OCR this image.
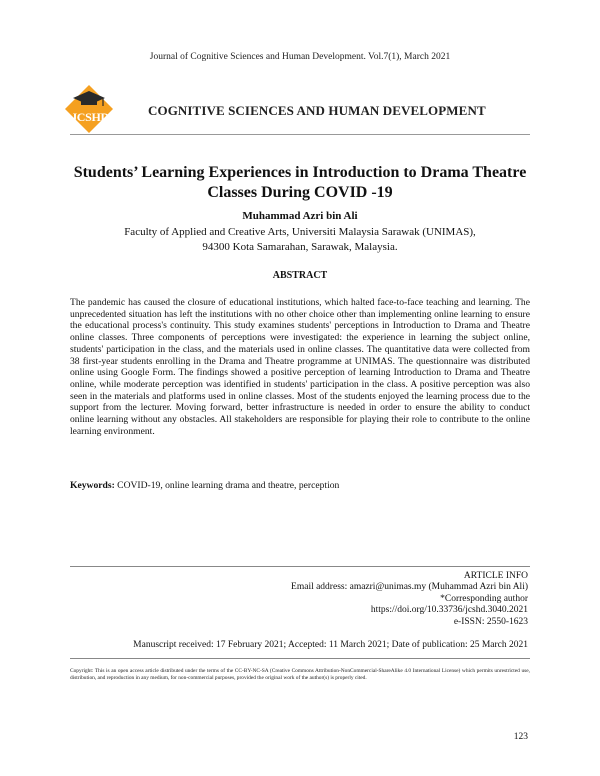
Journal of Cognitive Sciences and Human Development. Vol.7(1), March 2021
JCSHD	COGNITIVE SCIENCES AND HUMAN DEVELOPMENT
Students’ Learning Experiences in Introduction to Drama Theatre Classes During COVID -19
Muhammad Azri bin Ali
Faculty of Applied and Creative Arts, Universiti Malaysia Sarawak (UNIMAS),
94300 Kota Samarahan, Sarawak, Malaysia.
ABSTRACT
The pandemic has caused the closure of educational institutions, which halted face-to-face teaching and learning. The unprecedented situation has left the institutions with no other choice other than implementing online learning to ensure the educational process's continuity. This study examines students' perceptions in Introduction to Drama and Theatre online classes. Three components of perceptions were investigated: the experience in learning the subject online, students' participation in the class, and the materials used in online classes. The quantitative data were collected from 38 first-year students enrolling in the Drama and Theatre programme at UNIMAS. The questionnaire was distributed online using Google Form. The findings showed a positive perception of learning Introduction to Drama and Theatre online, while moderate perception was identified in students' participation in the class. A positive perception was also seen in the materials and platforms used in online classes. Most of the students enjoyed the learning process due to the support from the lecturer. Moving forward, better infrastructure is needed in order to ensure the ability to conduct online learning without any obstacles. All stakeholders are responsible for playing their role to contribute to the online learning environment.
Keywords: COVID-19, online learning drama and theatre, perception
ARTICLE INFO
Email address: amazri@unimas.my (Muhammad Azri bin Ali)
*Corresponding author
https://doi.org/10.33736/jcshd.3040.2021
e-ISSN: 2550-1623
Manuscript received: 17 February 2021; Accepted: 11 March 2021; Date of publication: 25 March 2021
Copyright: This is an open access article distributed under the terms of the CC-BY-NC-SA (Creative Commons Attribution-NonCommercial-ShareAlike 4.0 International License) which permits unrestricted use, distribution, and reproduction in any medium, for non-commercial purposes, provided the original work of the author(s) is properly cited.
123
